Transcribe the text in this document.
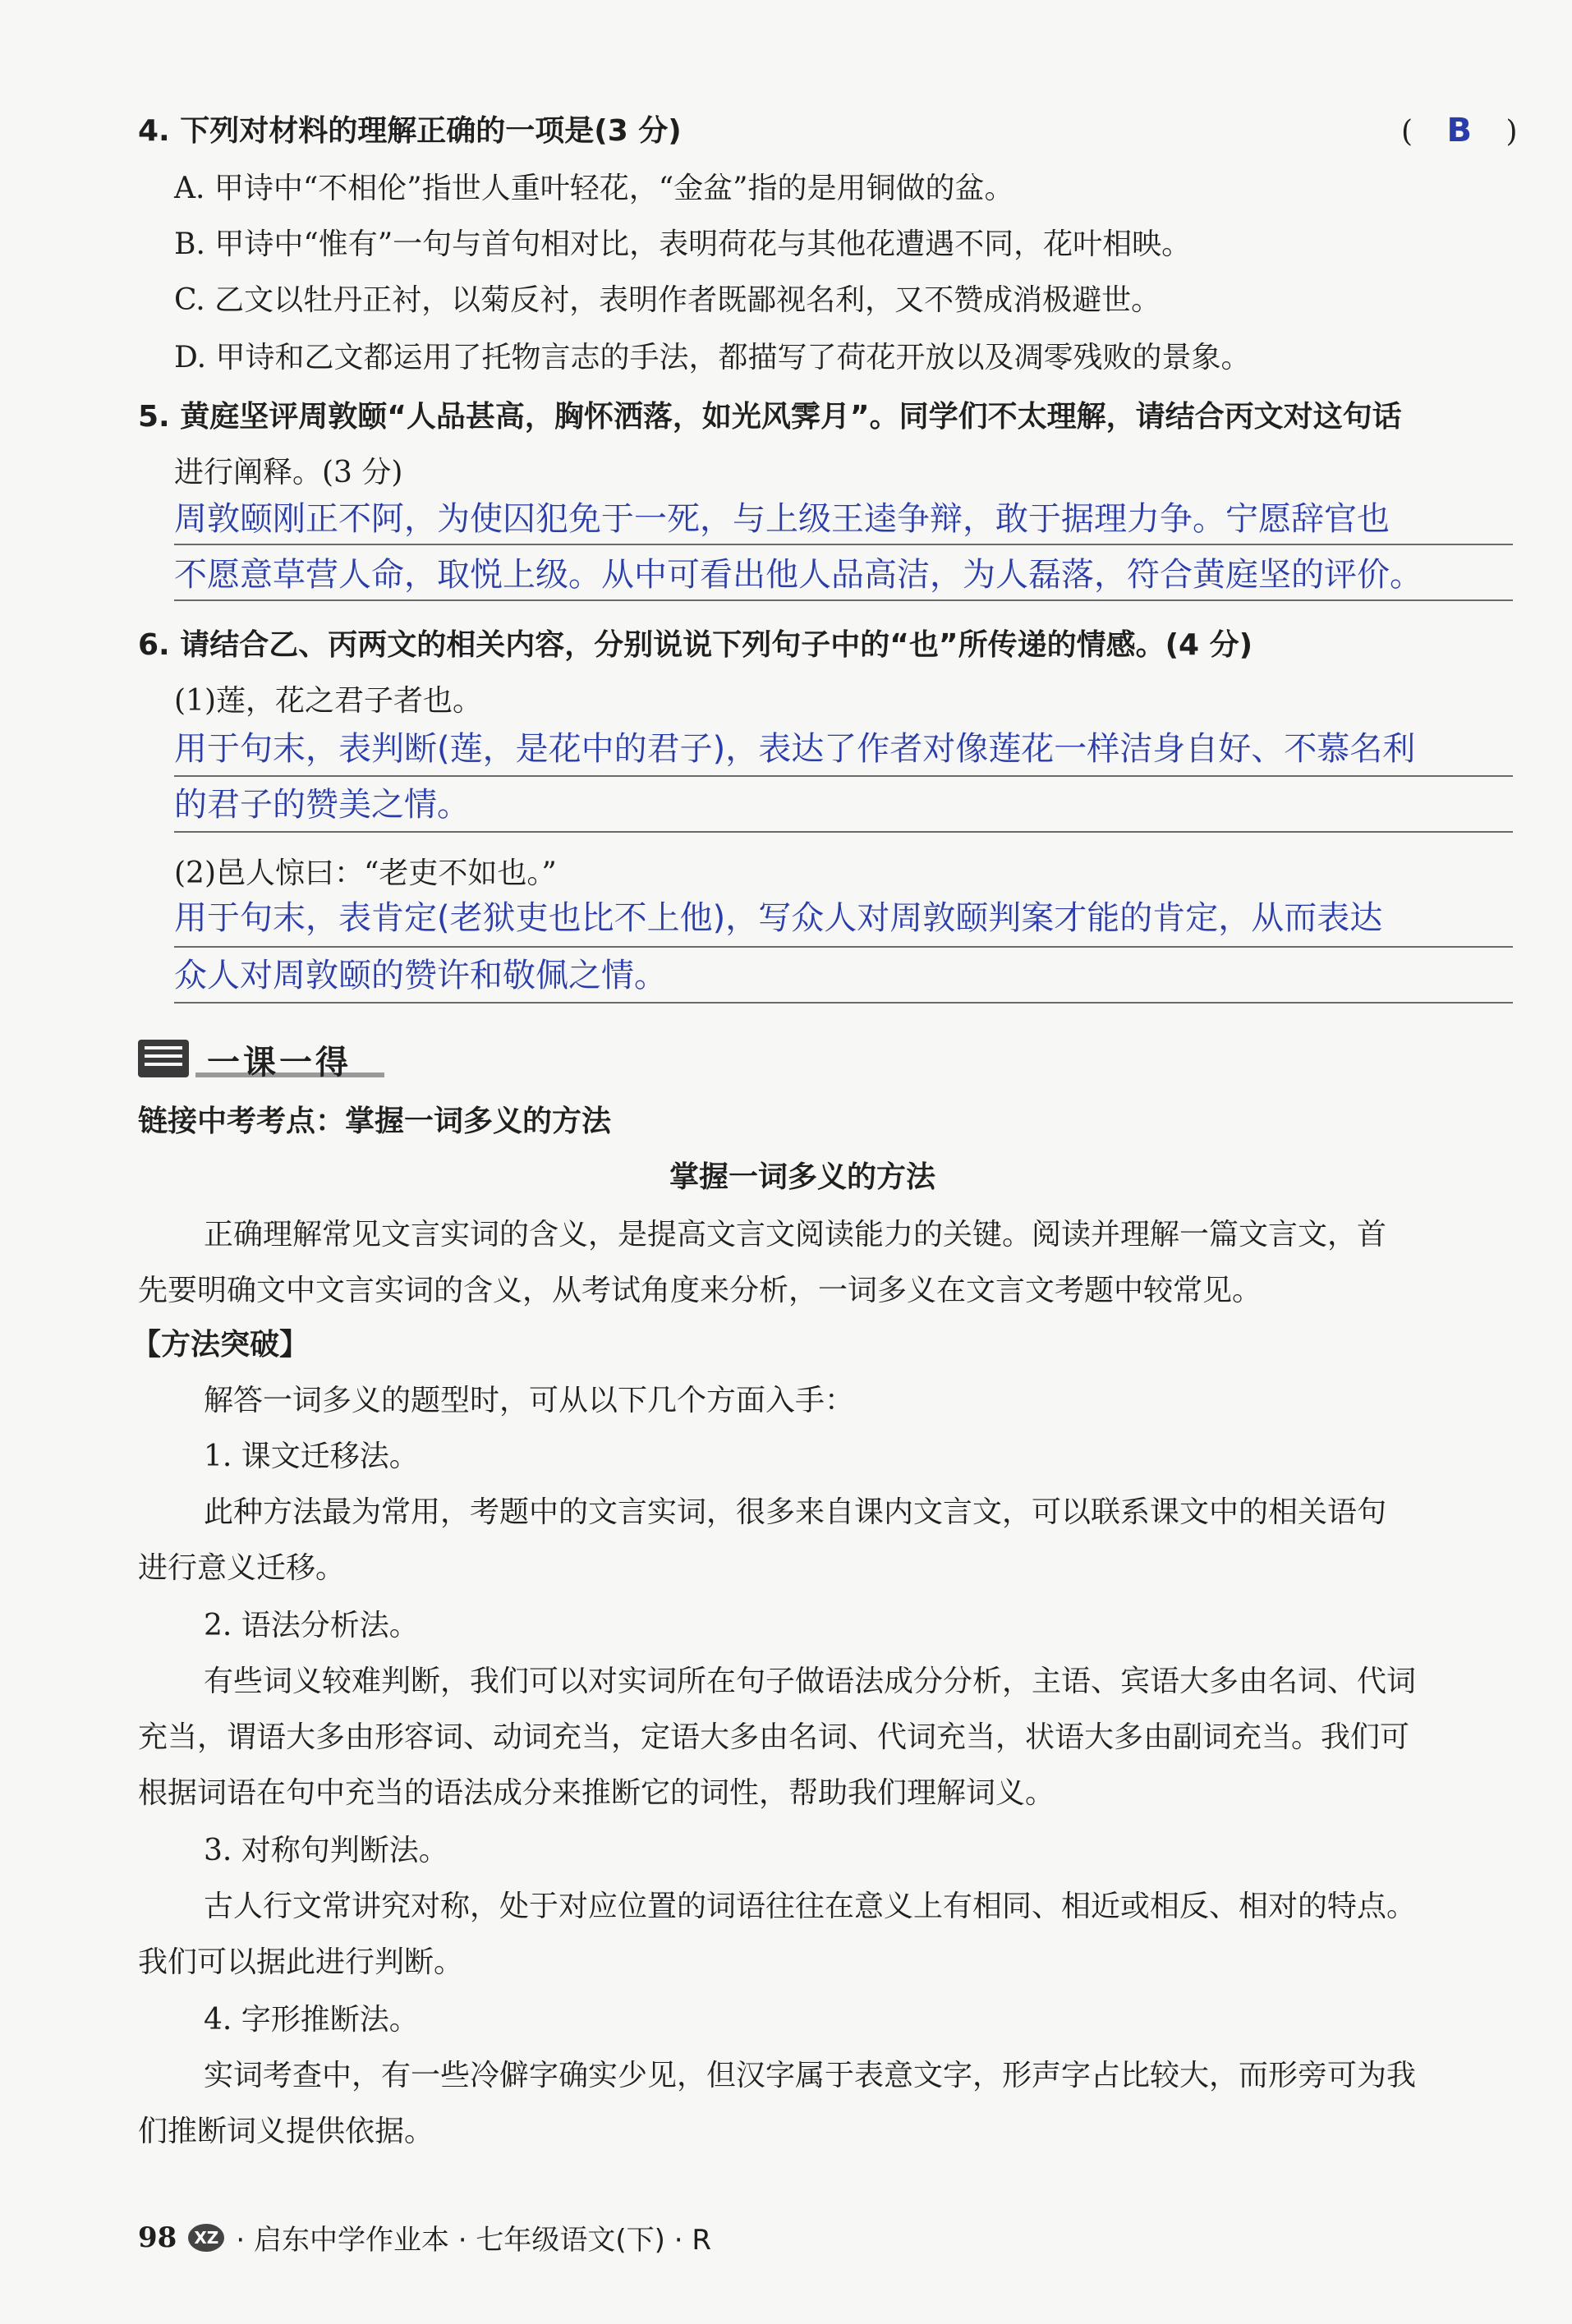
4. 下列对材料的理解正确的一项是(3 分)	( B )
A. 甲诗中“不相伦”指世人重叶轻花，“金盆”指的是用铜做的盆。
B. 甲诗中“惟有”一句与首句相对比，表明荷花与其他花遭遇不同，花叶相映。
C. 乙文以牡丹正衬，以菊反衬，表明作者既鄙视名利，又不赞成消极避世。
D. 甲诗和乙文都运用了托物言志的手法，都描写了荷花开放以及凋零残败的景象。
5. 黄庭坚评周敦颐“人品甚高，胸怀洒落，如光风霁月”。同学们不太理解，请结合丙文对这句话
进行阐释。(3 分)
周敦颐刚正不阿，为使囚犯免于一死，与上级王逵争辩，敢于据理力争。宁愿辞官也
不愿意草营人命，取悦上级。从中可看出他人品高洁，为人磊落，符合黄庭坚的评价。
6. 请结合乙、丙两文的相关内容，分别说说下列句子中的“也”所传递的情感。(4 分)
(1)莲，花之君子者也。
用于句末，表判断(莲，是花中的君子)，表达了作者对像莲花一样洁身自好、不慕名利
的君子的赞美之情。
(2)邑人惊曰：“老吏不如也。”
用于句末，表肯定(老狱吏也比不上他)，写众人对周敦颐判案才能的肯定，从而表达
众人对周敦颐的赞许和敬佩之情。
一课一得
链接中考考点：掌握一词多义的方法
掌握一词多义的方法
正确理解常见文言实词的含义，是提高文言文阅读能力的关键。阅读并理解一篇文言文，首
先要明确文中文言实词的含义，从考试角度来分析，一词多义在文言文考题中较常见。
【方法突破】
解答一词多义的题型时，可从以下几个方面入手：
1. 课文迁移法。
此种方法最为常用，考题中的文言实词，很多来自课内文言文，可以联系课文中的相关语句
进行意义迁移。
2. 语法分析法。
有些词义较难判断，我们可以对实词所在句子做语法成分分析，主语、宾语大多由名词、代词
充当，谓语大多由形容词、动词充当，定语大多由名词、代词充当，状语大多由副词充当。我们可
根据词语在句中充当的语法成分来推断它的词性，帮助我们理解词义。
3. 对称句判断法。
古人行文常讲究对称，处于对应位置的词语往往在意义上有相同、相近或相反、相对的特点。
我们可以据此进行判断。
4. 字形推断法。
实词考查中，有一些冷僻字确实少见，但汉字属于表意文字，形声字占比较大，而形旁可为我
们推断词义提供依据。
98	XZ · 启东中学作业本 · 七年级语文(下) · R
